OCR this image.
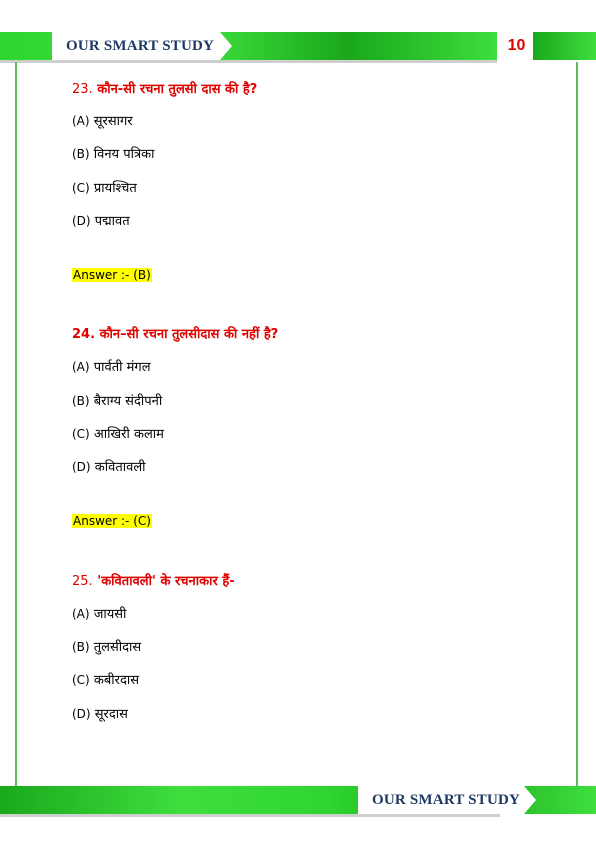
OUR SMART STUDY	10
23. कौन-सी रचना तुलसी दास की है?
(A) सूरसागर
(B) विनय पत्रिका
(C) प्रायश्चित
(D) पद्मावत
Answer :- (B)
24. कौन–सी रचना तुलसीदास की नहीं है?
(A) पार्वती मंगल
(B) बैराग्य संदीपनी
(C) आखिरी कलाम
(D) कवितावली
Answer :- (C)
25. 'कवितावली' के रचनाकार हैं-
(A) जायसी
(B) तुलसीदास
(C) कबीरदास
(D) सूरदास
OUR SMART STUDY
